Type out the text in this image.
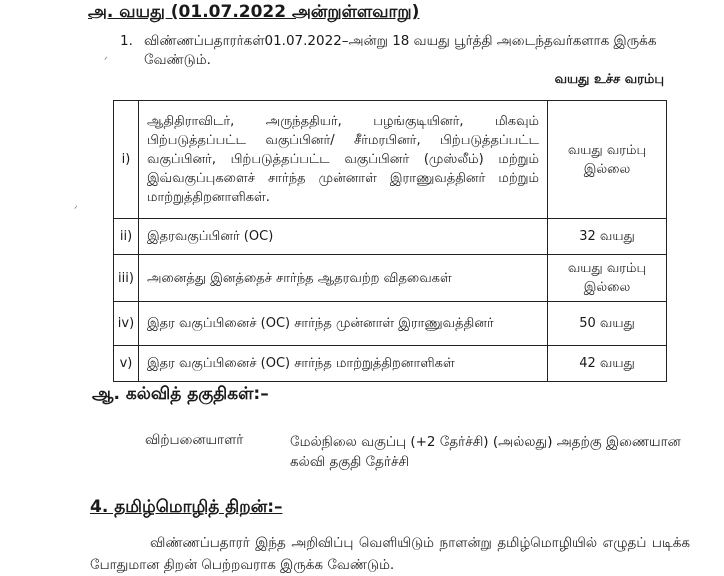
அ. வயது (01.07.2022 அன்றுள்ளவாறு)
1. விண்ணப்பதாரர்கள்01.07.2022–அன்று 18 வயது பூர்த்தி அடைந்தவர்களாக இருக்க வேண்டும்.
ᐟ
வயது உச்ச வரம்பு
i)	ஆதிதிராவிடர், அருந்ததியர், பழங்குடியினர், மிகவும் பிற்படுத்தப்பட்ட வகுப்பினர்/ சீர்மரபினர், பிற்படுத்தப்பட்ட வகுப்பினர், பிற்படுத்தப்பட்ட வகுப்பினர் (முஸ்லீம்) மற்றும் இவ்வகுப்புகளைச் சார்ந்த முன்னாள் இராணுவத்தினர் மற்றும் மாற்றுத்திறனாளிகள்.	வயது வரம்பு இல்லை
ii)	இதரவகுப்பினர் (OC)	32 வயது
iii)	அனைத்து இனத்தைச் சார்ந்த ஆதரவற்ற விதவைகள்	வயது வரம்பு இல்லை
iv)	இதர வகுப்பினைச் (OC) சார்ந்த முன்னாள் இராணுவத்தினர்	50 வயது
v)	இதர வகுப்பினைச் (OC) சார்ந்த மாற்றுத்திறனாளிகள்	42 வயது
ᐟ
ஆ. கல்வித் தகுதிகள்:–
விற்பனையாளர்	மேல்நிலை வகுப்பு (+2 தேர்ச்சி) (அல்லது) அதற்கு இணையான கல்வி தகுதி தேர்ச்சி
4. தமிழ்மொழித் திறன்:–
விண்ணப்பதாரர் இந்த அறிவிப்பு வெளியிடும் நாளன்று தமிழ்மொழியில் எழுதப் படிக்க போதுமான திறன் பெற்றவராக இருக்க வேண்டும்.
